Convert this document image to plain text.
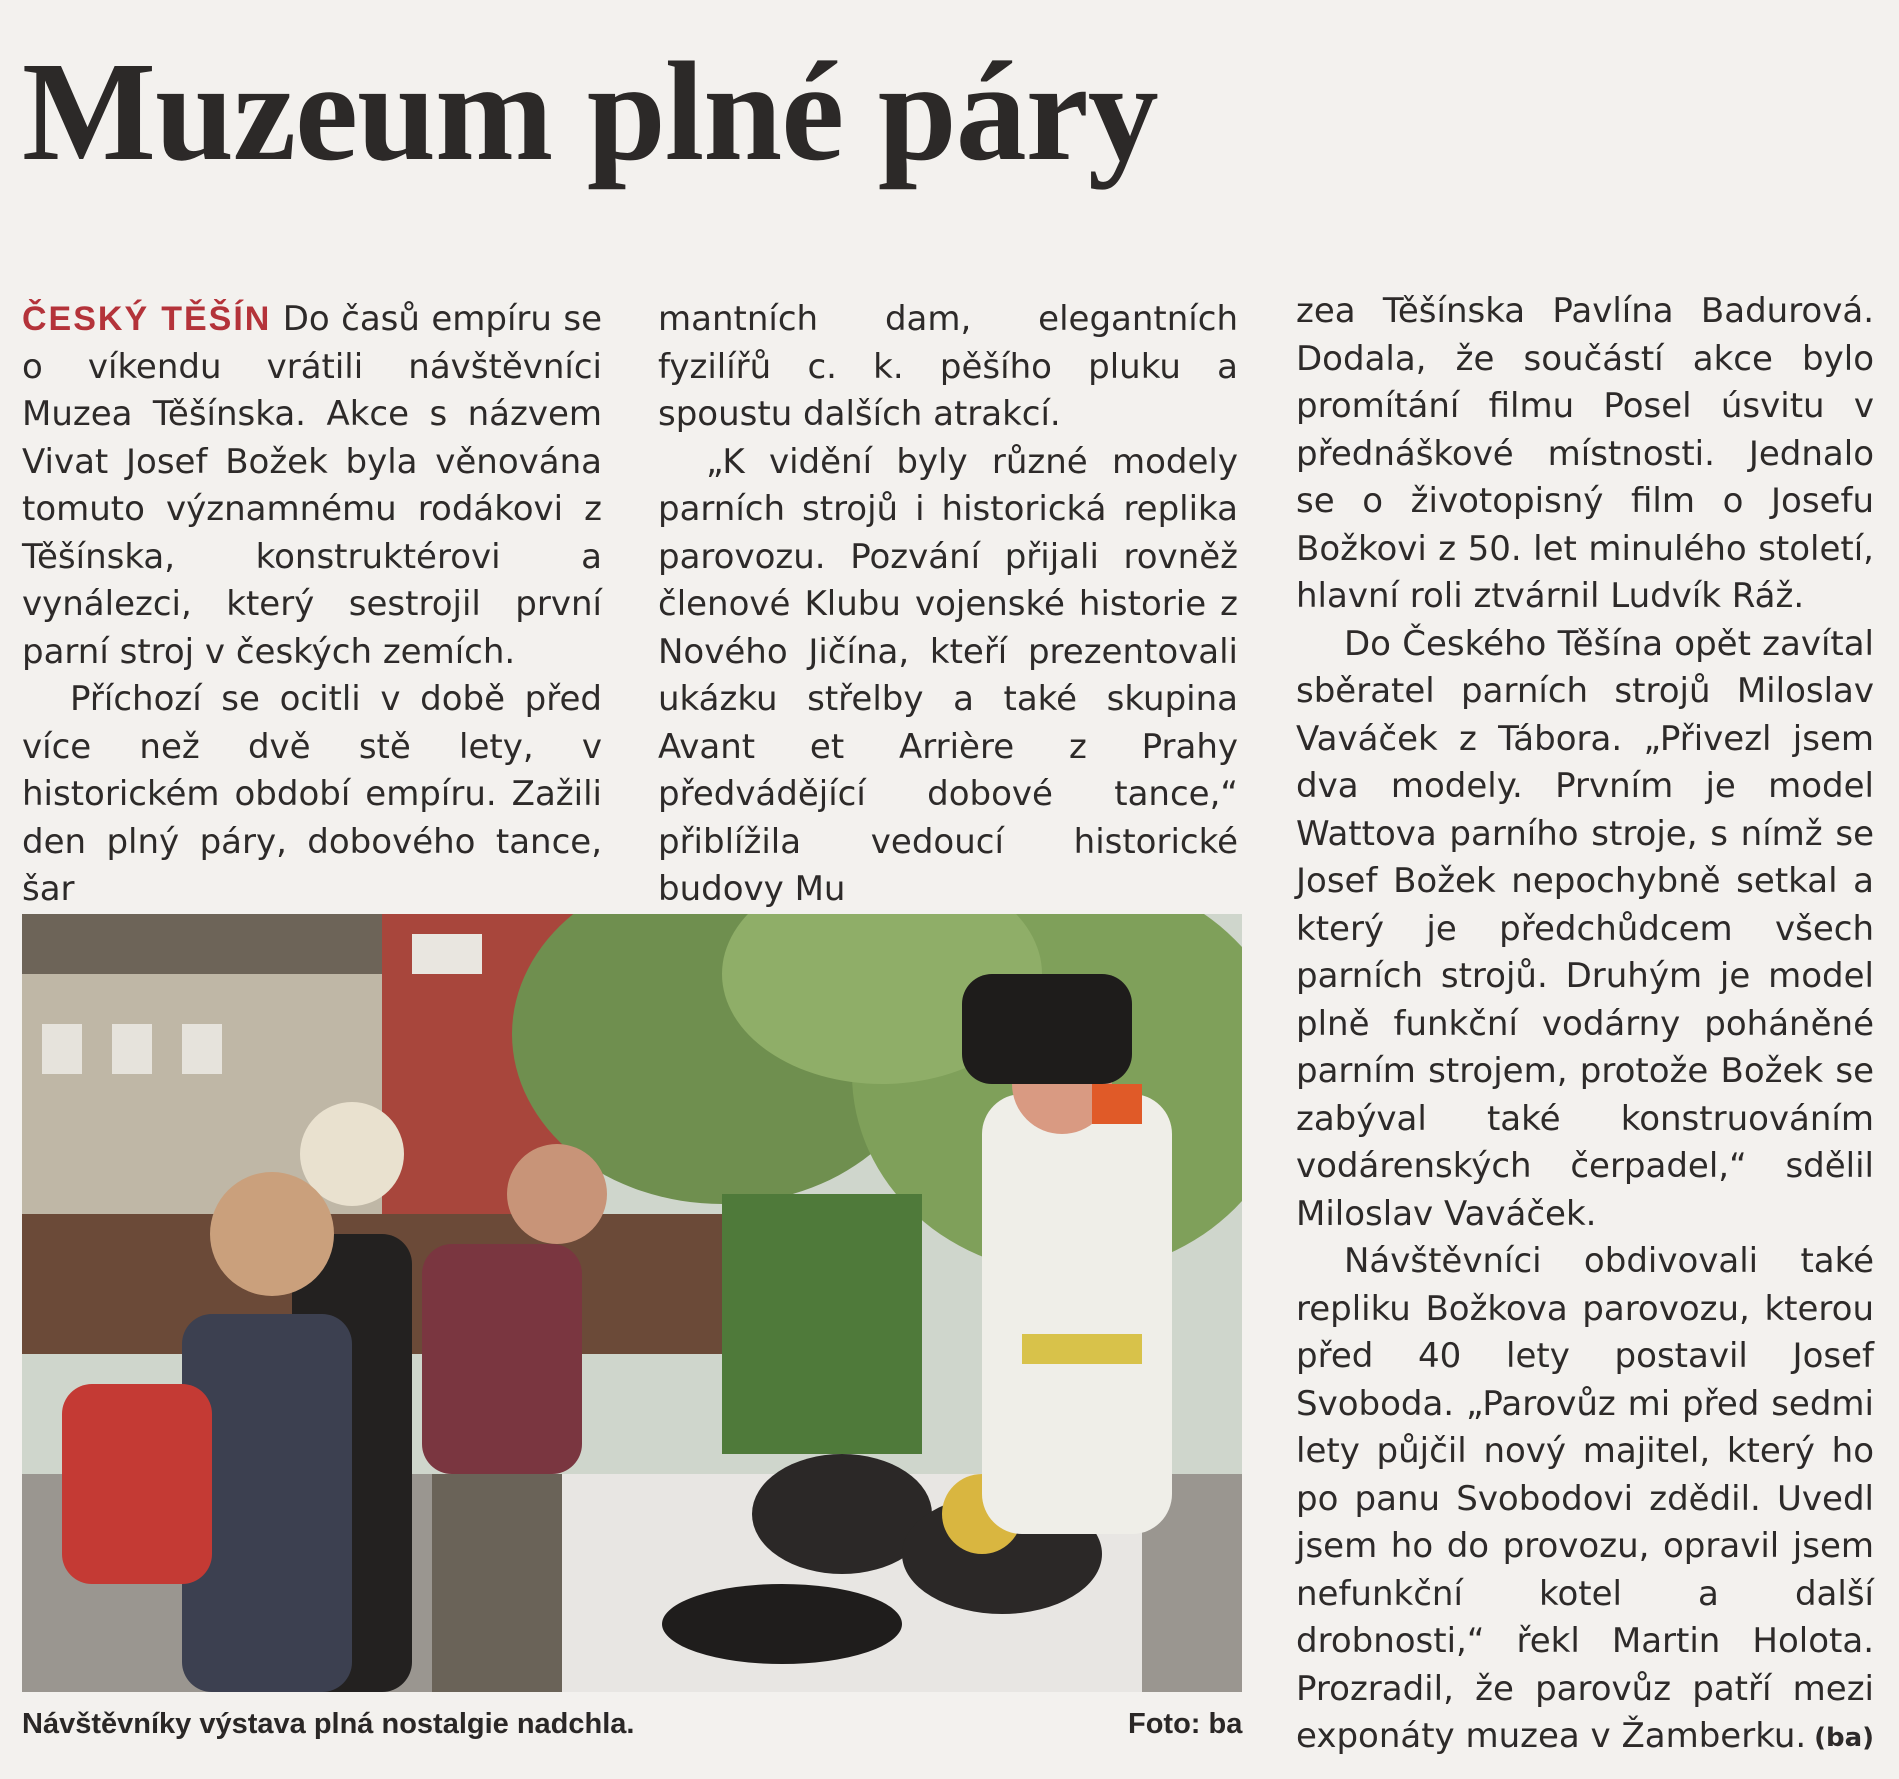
Muzeum plné páry

ČESKÝ TĚŠÍN Do časů empíru se o víkendu vrátili návštěvníci Muzea Těšínska. Akce s názvem Vivat Josef Božek byla věnována tomuto významnému rodákovi z Těšínska, konstruktérovi a vynálezci, který sestrojil první parní stroj v českých zemích.

Příchozí se ocitli v době před více než dvě stě lety, v historickém období empíru. Zažili den plný páry, dobového tance, šar

mantních dam, elegantních fyzilířů c. k. pěšího pluku a spoustu dalších atrakcí.

„K vidění byly různé modely parních strojů i historická replika parovozu. Pozvání přijali rovněž členové Klubu vojenské historie z Nového Jičína, kteří prezentovali ukázku střelby a také skupina Avant et Arrière z Prahy předvádějící dobové tance,“ přiblížila vedoucí historické budovy Mu

zea Těšínska Pavlína Badurová. Dodala, že součástí akce bylo promítání filmu Posel úsvitu v přednáškové místnosti. Jednalo se o životopisný film o Josefu Božkovi z 50. let minulého století, hlavní roli ztvárnil Ludvík Ráž.

Do Českého Těšína opět zavítal sběratel parních strojů Miloslav Vaváček z Tábora. „Přivezl jsem dva modely. Prvním je model Wattova parního stroje, s nímž se Josef Božek nepochybně setkal a který je předchůdcem všech parních strojů. Druhým je model plně funkční vodárny poháněné parním strojem, protože Božek se zabýval také konstruováním vodárenských čerpadel,“ sdělil Miloslav Vaváček.

Návštěvníci obdivovali také repliku Božkova parovozu, kterou před 40 lety postavil Josef Svoboda. „Parovůz mi před sedmi lety půjčil nový majitel, který ho po panu Svobodovi zdědil. Uvedl jsem ho do provozu, opravil jsem nefunkční kotel a další drobnosti,“ řekl Martin Holota. Prozradil, že parovůz patří mezi exponáty muzea v Žamberku. (ba)
Návštěvníky výstava plná nostalgie nadchla.	Foto: ba
